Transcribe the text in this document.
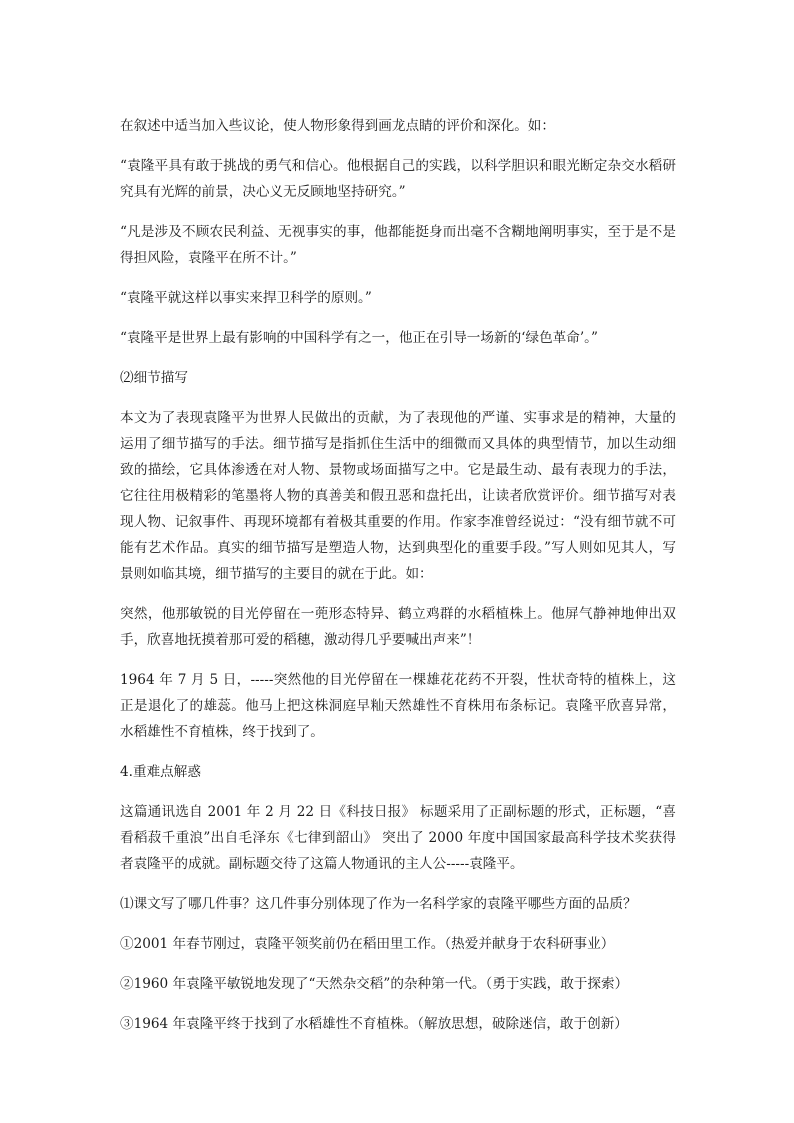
在叙述中适当加入些议论，使人物形象得到画龙点睛的评价和深化。如：

“袁隆平具有敢于挑战的勇气和信心。他根据自己的实践，以科学胆识和眼光断定杂交水稻研究具有光辉的前景，决心义无反顾地坚持研究。”

“凡是涉及不顾农民利益、无视事实的事，他都能挺身而出毫不含糊地阐明事实，至于是不是得担风险，袁隆平在所不计。”

“袁隆平就这样以事实来捍卫科学的原则。”

“袁隆平是世界上最有影响的中国科学有之一，他正在引导一场新的‘绿色革命’。”

⑵细节描写

本文为了表现袁隆平为世界人民做出的贡献，为了表现他的严谨、实事求是的精神，大量的运用了细节描写的手法。细节描写是指抓住生活中的细微而又具体的典型情节，加以生动细致的描绘，它具体渗透在对人物、景物或场面描写之中。它是最生动、最有表现力的手法，它往往用极精彩的笔墨将人物的真善美和假丑恶和盘托出，让读者欣赏评价。细节描写对表现人物、记叙事件、再现环境都有着极其重要的作用。作家李准曾经说过：“没有细节就不可能有艺术作品。真实的细节描写是塑造人物，达到典型化的重要手段。”写人则如见其人，写景则如临其境，细节描写的主要目的就在于此。如：

突然，他那敏锐的目光停留在一蔸形态特异、鹤立鸡群的水稻植株上。他屏气静神地伸出双手，欣喜地抚摸着那可爱的稻穗，激动得几乎要喊出声来”！

1964 年 7 月 5 日，-----突然他的目光停留在一棵雄花花药不开裂，性状奇特的植株上，这正是退化了的雄蕊。他马上把这株洞庭早籼天然雄性不育株用布条标记。袁隆平欣喜异常，水稻雄性不育植株，终于找到了。

4.重难点解惑

这篇通讯选自 2001 年 2 月 22 日《科技日报》 标题采用了正副标题的形式，正标题，“喜看稻菽千重浪”出自毛泽东《七律到韶山》 突出了 2000 年度中国国家最高科学技术奖获得者袁隆平的成就。副标题交待了这篇人物通讯的主人公-----袁隆平。

⑴课文写了哪几件事？这几件事分别体现了作为一名科学家的袁隆平哪些方面的品质？

①2001 年春节刚过，袁隆平领奖前仍在稻田里工作。（热爱并献身于农科研事业）

②1960 年袁隆平敏锐地发现了“天然杂交稻”的杂种第一代。（勇于实践，敢于探索）

③1964 年袁隆平终于找到了水稻雄性不育植株。（解放思想，破除迷信，敢于创新）
